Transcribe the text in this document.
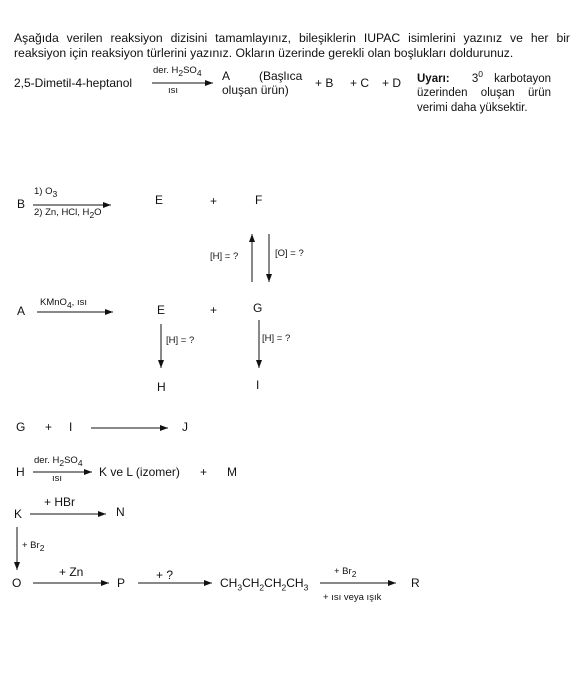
Aşağıda verilen reaksiyon dizisini tamamlayınız, bileşiklerin IUPAC isimlerini yazınız ve her bir reaksiyon için reaksiyon türlerini yazınız. Okların üzerinde gerekli olan boşlukları doldurunuz.
2,5-Dimetil-4-heptanol
der. $H_2SO_4$
ısı
A (Başlıca
oluşan ürün) + B + C + D Uyarı: $3^0$ karbotayon üzerinden oluşan ürün verimi daha yüksektir.
B
1) $O_3$
2) Zn, HCl, $H_2O$
E	+	F
[H] = ?	[O] = ?
A
KMnO$_4$, ısı
E	+	G
[H] = ?	[H] = ?
H	I
G + I	J
H
der. $H_2SO_4$
ısı	K ve L (izomer) + M
K
+ HBr
N
+ $Br_2$
O
+ Zn
P
+ ?
$CH_3CH_2CH_2CH_3$
+ $Br_2$
+ ısı veya ışık
R
